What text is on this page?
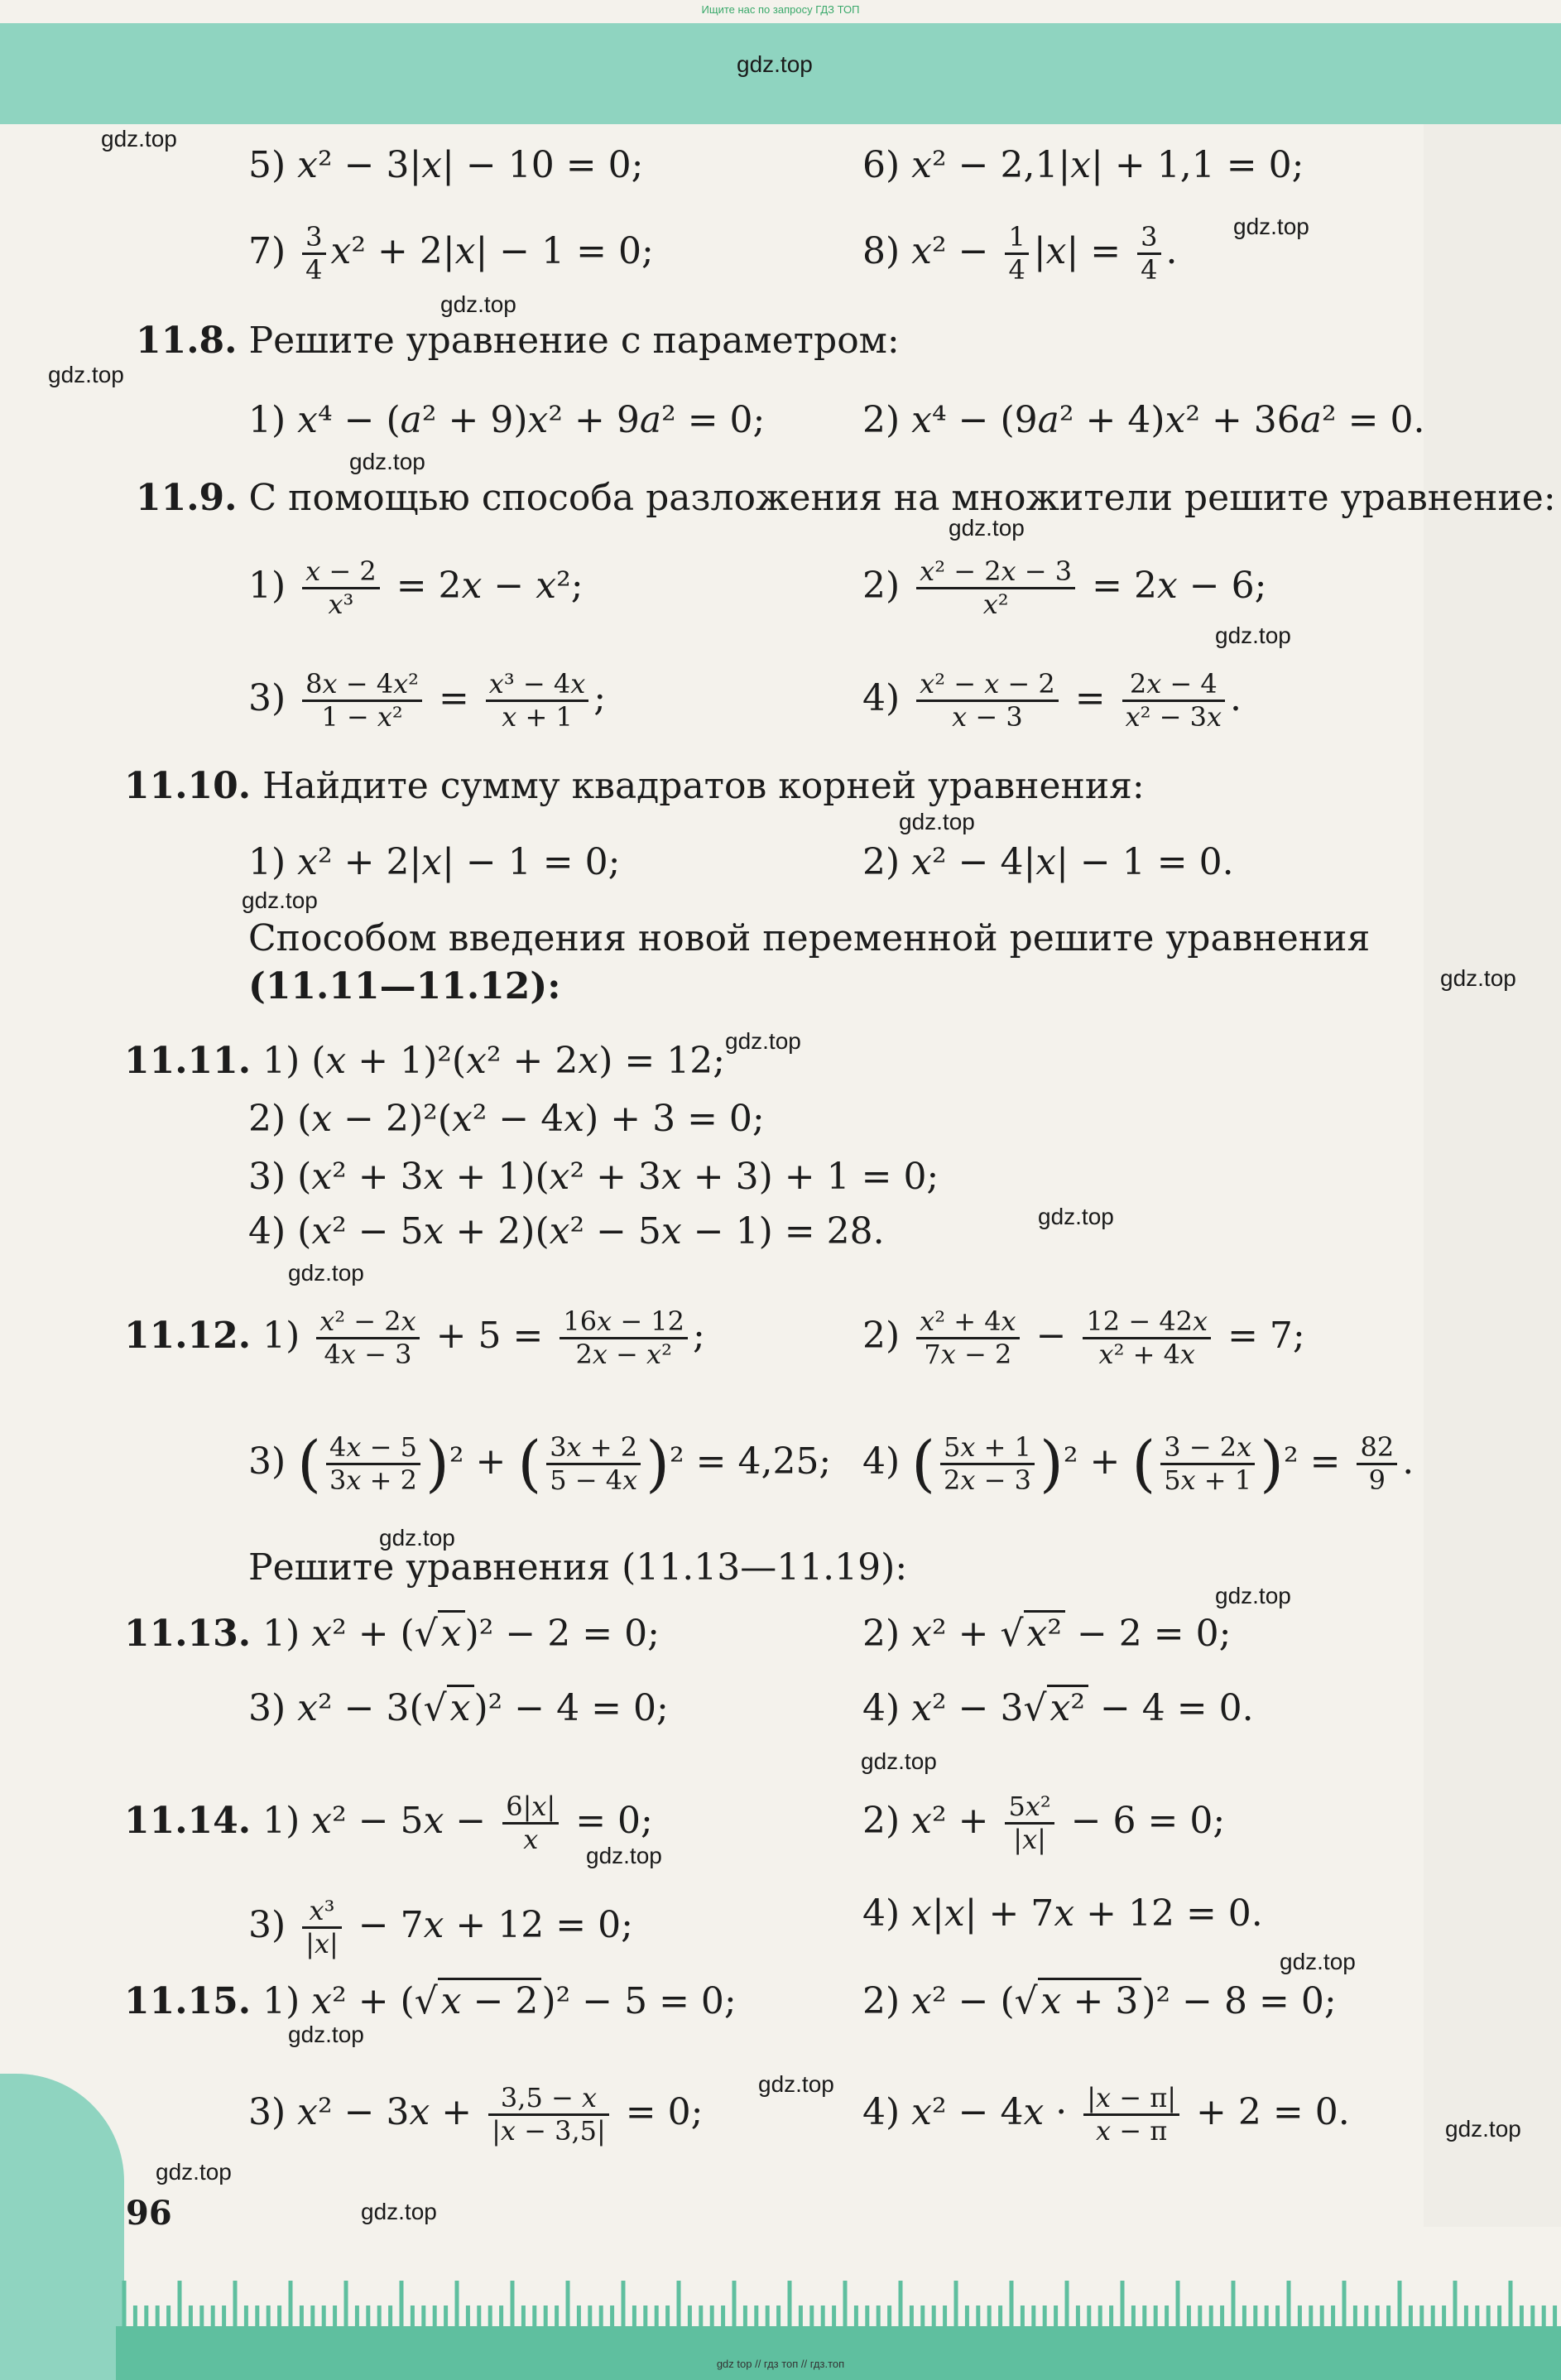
Ищите нас по запросу ГДЗ ТОП
gdz.top
gdz.top
gdz.top
gdz.top
gdz.top
gdz.top
gdz.top
gdz.top
gdz.top
gdz.top
gdz.top
gdz.top
gdz.top
gdz.top
gdz.top
gdz.top
gdz.top
gdz.top
gdz.top
gdz.top
gdz.top
gdz.top
gdz.top
gdz.top
5) x² − 3|x| − 10 = 0;	6) x² − 2,1|x| + 1,1 = 0;
$7) \frac{3}{4} x^2 + 2|x| - 1 = 0$;	8) $x^2 - \frac{1}{4} |x| = \frac{3}{4}$ .
11.8. Решите уравнение с параметром:
1) x⁴ − (a² + 9)x² + 9a² = 0;	2) x⁴ − (9a² + 4)x² + 36a² = 0.
11.9. С помощью способа разложения на множители решите уравнение:
$1) \frac{x - 2}{\text{x³}} = 2x - x^2$;	$2) \frac{\text{x² − 2x − 3}}{\text{x²}} = 2x - 6$;
$3) \frac{\text{8x − 4x²}}{\text{1 − x²}} = \frac{\text{x³ − 4x}}{x + 1}$ ;	$4) \frac{\text{x² − x − 2}}{x - 3} = \frac{2x - 4}{\text{x² − 3x}}$ .
11.10. Найдите сумму квадратов корней уравнения:
1) x² + 2|x| − 1 = 0;	2) x² − 4|x| − 1 = 0.
Способом введения новой переменной решите уравнения
(11.11—11.12):
11.11. 1) (x + 1)²(x² + 2x) = 12;
2) (x − 2)²(x² − 4x) + 3 = 0;
3) (x² + 3x + 1)(x² + 3x + 3) + 1 = 0;
4) (x² − 5x + 2)(x² − 5x − 1) = 28.
11.12. $1) \frac{\text{x² − 2x}}{4x - 3} + 5 = \frac{16x - 12}{\text{2x − x²}}$ ;	$2) \frac{\text{x² + 4x}}{7x - 2} - \frac{12 - 42x}{\text{x² + 4x}} = 7$;
3) ( $\frac{4x - 5}{3x + 2} )^2$ + ( $\frac{3x + 2}{5 - 4x} )^2 = 4,25$; 4) ( $\frac{5x + 1}{2x - 3} )^2$ + ( $\frac{3 - 2x}{5x + 1} )^2 = \frac{82}{9}$ .
Решите уравнения (11.13—11.19):
11.13. 1) x² + (√x)² − 2 = 0;	2) x² + √x² − 2 = 0;
3) x² − 3(√x)² − 4 = 0;	4) x² − 3√x² − 4 = 0.
11.14. 1) $x^2 - 5x - \frac{6|x|}{x} = 0$;	2) $x^2 + \frac{\text{5x²}}{|x|} - 6 = 0$;
$3) \frac{\text{x³}}{|x|} - 7x + 12 = 0$;	4) x|x| + 7x + 12 = 0.
11.15. 1) x² + (√x − 2)² − 5 = 0;	2) x² − (√x + 3)² − 8 = 0;
3) $x^2 - 3x + \frac{3,5 - x}{|x - 3,5|} = 0$;	4) $x^2 - 4x \cdot \frac{|x - \pi|}{x - \pi} + 2 = 0$.
96
gdz top // гдз топ // гдз.топ
